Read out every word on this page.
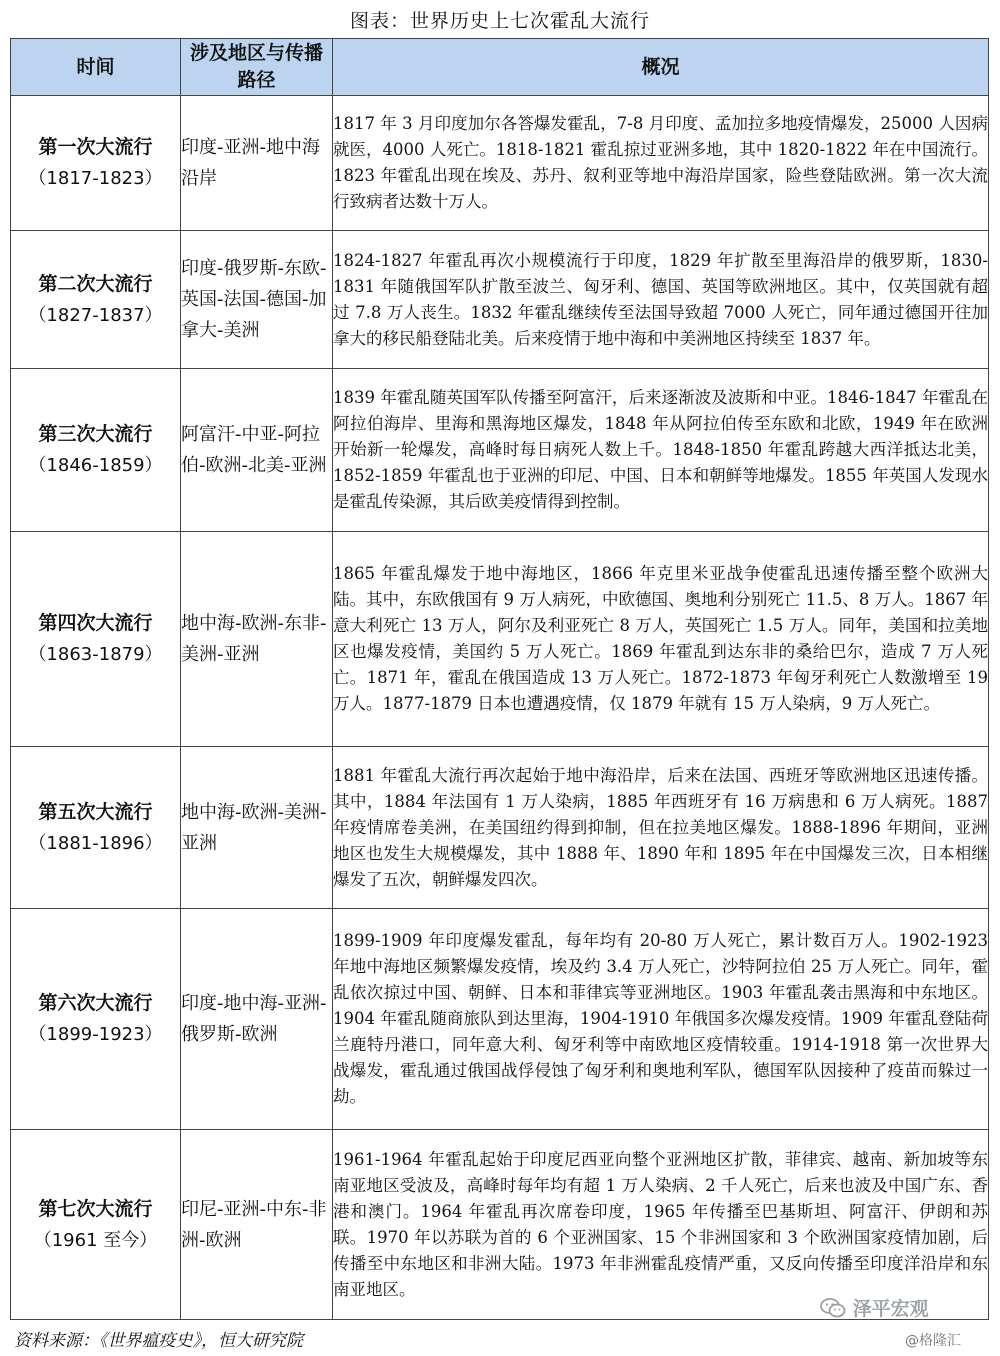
图表：世界历史上七次霍乱大流行
时间	涉及地区与传播路径	概况

第一次大流行
（1817-1823）	印度-亚洲-地中海沿岸	1817 年 3 月印度加尔各答爆发霍乱，7-8 月印度、孟加拉多地疫情爆发，25000 人因病就医，4000 人死亡。1818-1821 霍乱掠过亚洲多地，其中 1820-1822 年在中国流行。1823 年霍乱出现在埃及、苏丹、叙利亚等地中海沿岸国家，险些登陆欧洲。第一次大流行致病者达数十万人。

第二次大流行
（1827-1837）	印度-俄罗斯-东欧-英国-法国-德国-加拿大-美洲	1824-1827 年霍乱再次小规模流行于印度，1829 年扩散至里海沿岸的俄罗斯，1830-1831 年随俄国军队扩散至波兰、匈牙利、德国、英国等欧洲地区。其中，仅英国就有超过 7.8 万人丧生。1832 年霍乱继续传至法国导致超 7000 人死亡，同年通过德国开往加拿大的移民船登陆北美。后来疫情于地中海和中美洲地区持续至 1837 年。

第三次大流行
（1846-1859）	阿富汗-中亚-阿拉伯-欧洲-北美-亚洲	1839 年霍乱随英国军队传播至阿富汗，后来逐渐波及波斯和中亚。1846-1847 年霍乱在阿拉伯海岸、里海和黑海地区爆发，1848 年从阿拉伯传至东欧和北欧，1949 年在欧洲开始新一轮爆发，高峰时每日病死人数上千。1848-1850 年霍乱跨越大西洋抵达北美，1852-1859 年霍乱也于亚洲的印尼、中国、日本和朝鲜等地爆发。1855 年英国人发现水是霍乱传染源，其后欧美疫情得到控制。

第四次大流行
（1863-1879）	地中海-欧洲-东非-美洲-亚洲	1865 年霍乱爆发于地中海地区，1866 年克里米亚战争使霍乱迅速传播至整个欧洲大陆。其中，东欧俄国有 9 万人病死，中欧德国、奥地利分别死亡 11.5、8 万人。1867 年意大利死亡 13 万人，阿尔及利亚死亡 8 万人，英国死亡 1.5 万人。同年，美国和拉美地区也爆发疫情，美国约 5 万人死亡。1869 年霍乱到达东非的桑给巴尔，造成 7 万人死亡。1871 年，霍乱在俄国造成 13 万人死亡。1872-1873 年匈牙利死亡人数激增至 19 万人。1877-1879 日本也遭遇疫情，仅 1879 年就有 15 万人染病，9 万人死亡。

第五次大流行
（1881-1896）	地中海-欧洲-美洲-亚洲	1881 年霍乱大流行再次起始于地中海沿岸，后来在法国、西班牙等欧洲地区迅速传播。其中，1884 年法国有 1 万人染病，1885 年西班牙有 16 万病患和 6 万人病死。1887 年疫情席卷美洲，在美国纽约得到抑制，但在拉美地区爆发。1888-1896 年期间，亚洲地区也发生大规模爆发，其中 1888 年、1890 年和 1895 年在中国爆发三次，日本相继爆发了五次，朝鲜爆发四次。

第六次大流行
（1899-1923）	印度-地中海-亚洲-俄罗斯-欧洲	1899-1909 年印度爆发霍乱，每年均有 20-80 万人死亡，累计数百万人。1902-1923 年地中海地区频繁爆发疫情，埃及约 3.4 万人死亡，沙特阿拉伯 25 万人死亡。同年，霍乱依次掠过中国、朝鲜、日本和菲律宾等亚洲地区。1903 年霍乱袭击黑海和中东地区。1904 年霍乱随商旅队到达里海，1904-1910 年俄国多次爆发疫情。1909 年霍乱登陆荷兰鹿特丹港口，同年意大利、匈牙利等中南欧地区疫情较重。1914-1918 第一次世界大战爆发，霍乱通过俄国战俘侵蚀了匈牙利和奥地利军队，德国军队因接种了疫苗而躲过一劫。

第七次大流行
（1961 至今）	印尼-亚洲-中东-非洲-欧洲	1961-1964 年霍乱起始于印度尼西亚向整个亚洲地区扩散，菲律宾、越南、新加坡等东南亚地区受波及，高峰时每年均有超 1 万人染病、2 千人死亡，后来也波及中国广东、香港和澳门。1964 年霍乱再次席卷印度，1965 年传播至巴基斯坦、阿富汗、伊朗和苏联。1970 年以苏联为首的 6 个亚洲国家、15 个非洲国家和 3 个欧洲国家疫情加剧，后传播至中东地区和非洲大陆。1973 年非洲霍乱疫情严重，又反向传播至印度洋沿岸和东南亚地区。
泽平宏观
资料来源：《世界瘟疫史》，恒大研究院	@格隆汇
